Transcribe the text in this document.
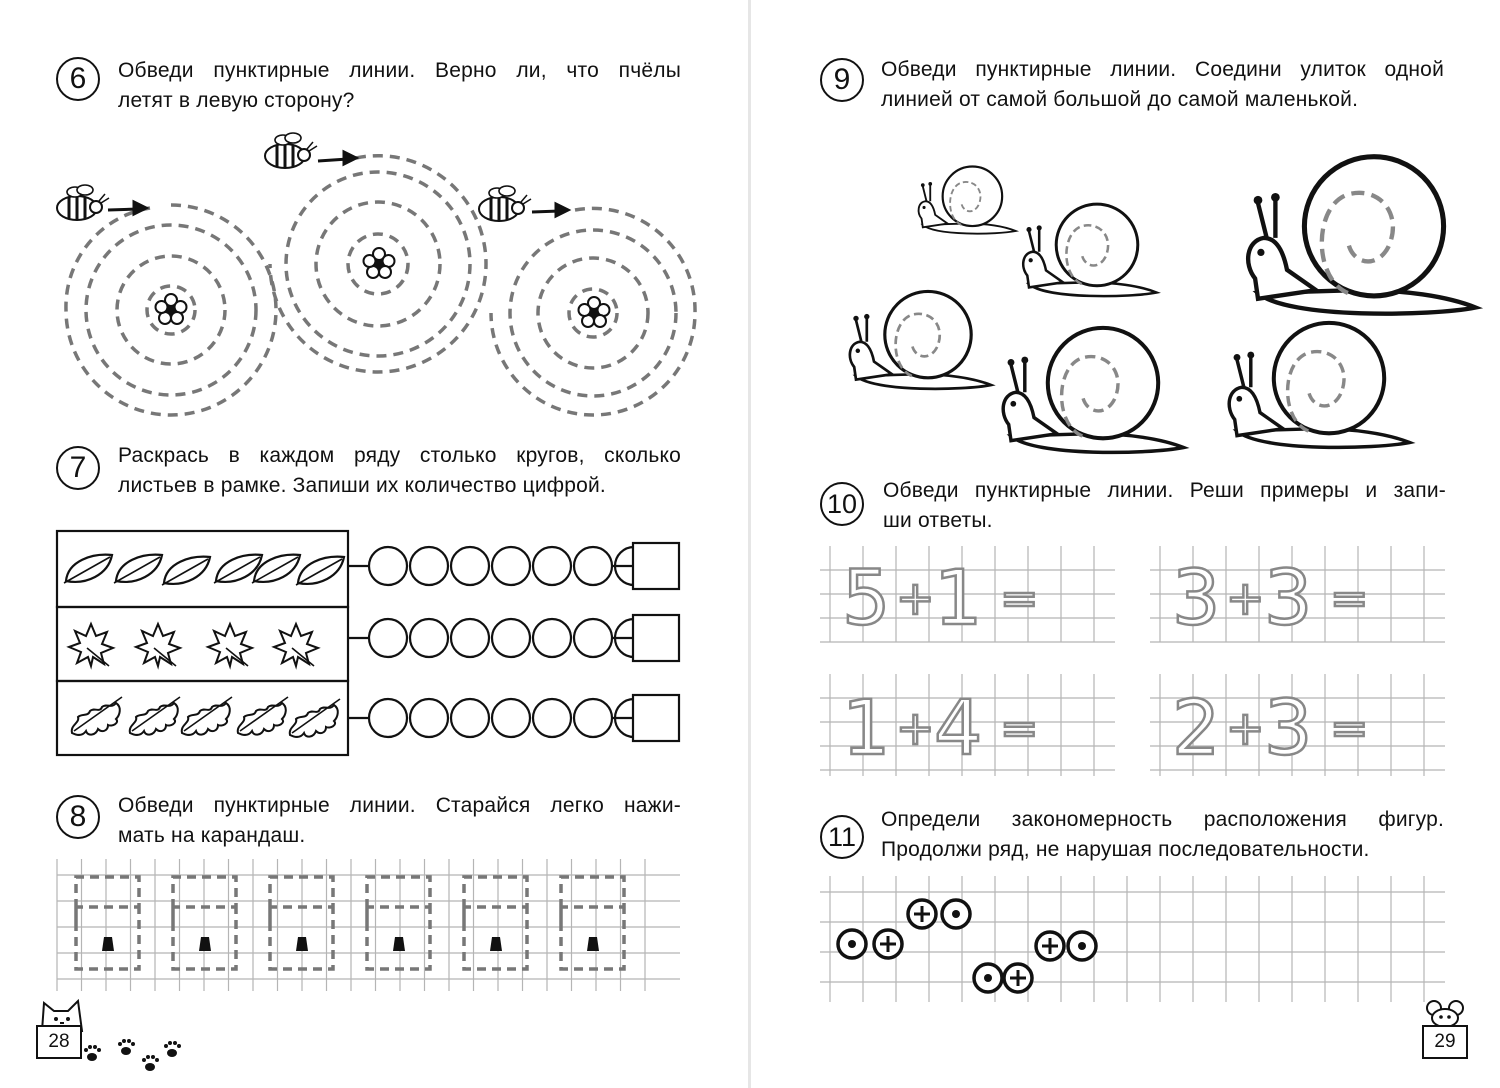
6	Обведи пунктирные линии. Верно ли, что пчёлы
летят в левую сторону?
7	Раскрась в каждом ряду столько кругов, сколько
листьев в рамке. Запиши их количество цифрой.
8	Обведи пунктирные линии. Старайся легко нажи-
мать на карандаш.
28
9	Обведи пунктирные линии. Соедини улиток одной
линией от самой большой до самой маленькой.
10	Обведи пунктирные линии. Реши примеры и запи-
ши ответы.
5 + 1 = 3 + 3 =
1 + 4 = 2 + 3 =
11
Определи закономерность расположения фигур.
Продолжи ряд, не нарушая последовательности.
29
